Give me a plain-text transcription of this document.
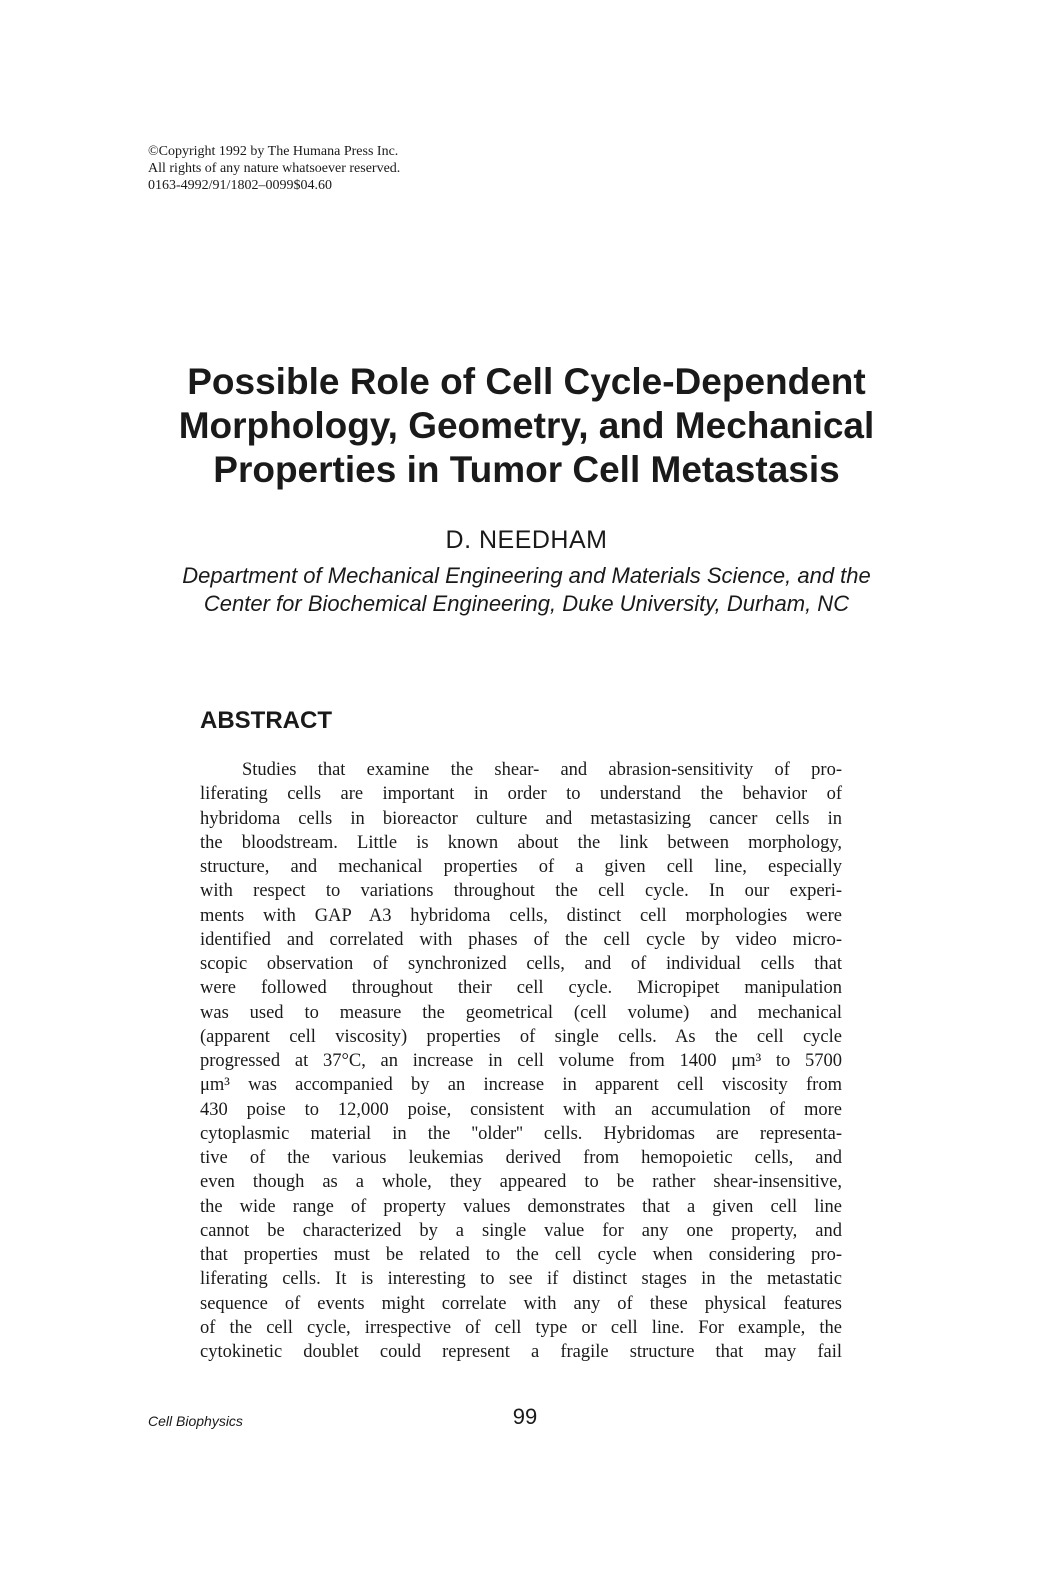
©Copyright 1992 by The Humana Press Inc.
All rights of any nature whatsoever reserved.
0163-4992/91/1802–0099$04.60
Possible Role of Cell Cycle-Dependent
Morphology, Geometry, and Mechanical
Properties in Tumor Cell Metastasis
D. NEEDHAM
Department of Mechanical Engineering and Materials Science, and the
Center for Biochemical Engineering, Duke University, Durham, NC
ABSTRACT
Studies that examine the shear- and abrasion-sensitivity of pro-
liferating cells are important in order to understand the behavior of
hybridoma cells in bioreactor culture and metastasizing cancer cells in
the bloodstream. Little is known about the link between morphology,
structure, and mechanical properties of a given cell line, especially
with respect to variations throughout the cell cycle. In our experi-
ments with GAP A3 hybridoma cells, distinct cell morphologies were
identified and correlated with phases of the cell cycle by video micro-
scopic observation of synchronized cells, and of individual cells that
were followed throughout their cell cycle. Micropipet manipulation
was used to measure the geometrical (cell volume) and mechanical
(apparent cell viscosity) properties of single cells. As the cell cycle
progressed at 37°C, an increase in cell volume from 1400 μm³ to 5700
μm³ was accompanied by an increase in apparent cell viscosity from
430 poise to 12,000 poise, consistent with an accumulation of more
cytoplasmic material in the ''older'' cells. Hybridomas are representa-
tive of the various leukemias derived from hemopoietic cells, and
even though as a whole, they appeared to be rather shear-insensitive,
the wide range of property values demonstrates that a given cell line
cannot be characterized by a single value for any one property, and
that properties must be related to the cell cycle when considering pro-
liferating cells. It is interesting to see if distinct stages in the metastatic
sequence of events might correlate with any of these physical features
of the cell cycle, irrespective of cell type or cell line. For example, the
cytokinetic doublet could represent a fragile structure that may fail
Cell Biophysics	99
